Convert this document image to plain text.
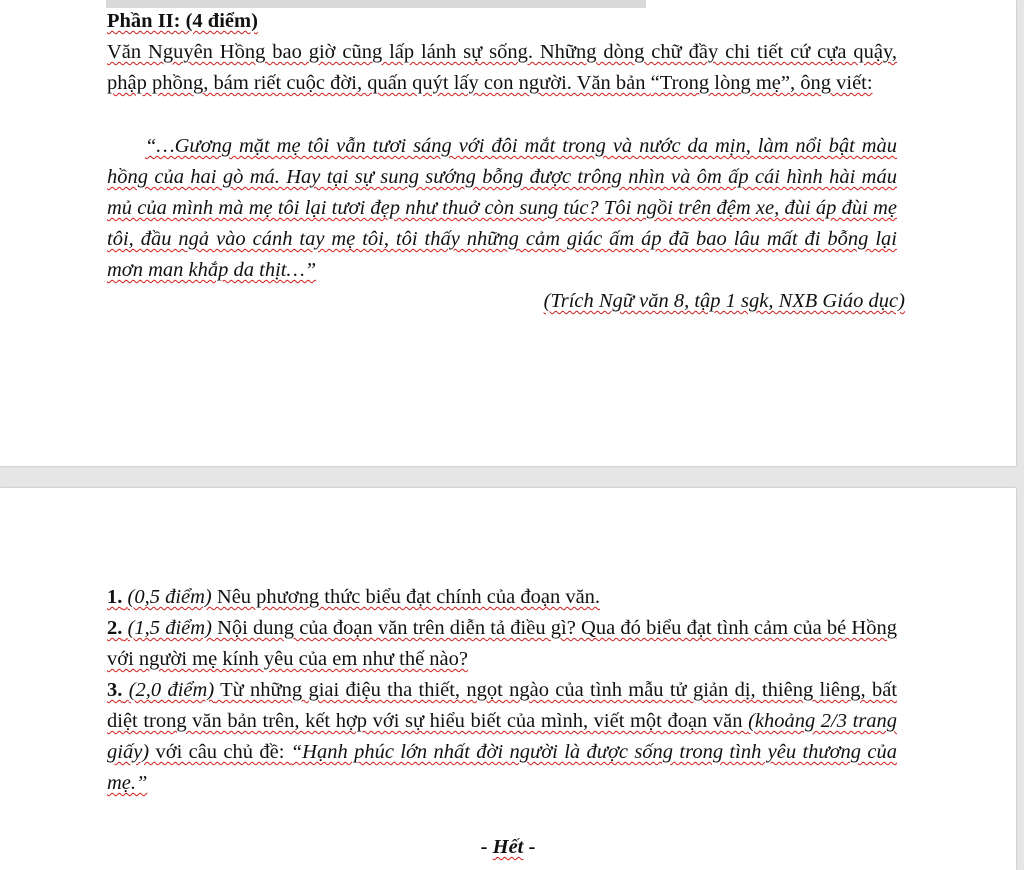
Phần II: (4 điểm)

Văn Nguyên Hồng bao giờ cũng lấp lánh sự sống. Những dòng chữ đầy chi tiết cứ cựa quậy, phập phồng, bám riết cuộc đời, quấn quýt lấy con người. Văn bản “Trong lòng mẹ”, ông viết:

“…Gương mặt mẹ tôi vẫn tươi sáng với đôi mắt trong và nước da mịn, làm nổi bật màu hồng của hai gò má. Hay tại sự sung sướng bỗng được trông nhìn và ôm ấp cái hình hài máu mủ của mình mà mẹ tôi lại tươi đẹp như thuở còn sung túc? Tôi ngồi trên đệm xe, đùi áp đùi mẹ tôi, đầu ngả vào cánh tay mẹ tôi, tôi thấy những cảm giác ấm áp đã bao lâu mất đi bỗng lại mơn man khắp da thịt…”

(Trích Ngữ văn 8, tập 1 sgk, NXB Giáo dục)

1. (0,5 điểm) Nêu phương thức biểu đạt chính của đoạn văn.

2. (1,5 điểm) Nội dung của đoạn văn trên diễn tả điều gì? Qua đó biểu đạt tình cảm của bé Hồng với người mẹ kính yêu của em như thế nào?

3. (2,0 điểm) Từ những giai điệu tha thiết, ngọt ngào của tình mẫu tử giản dị, thiêng liêng, bất diệt trong văn bản trên, kết hợp với sự hiểu biết của mình, viết một đoạn văn (khoảng 2/3 trang giấy) với câu chủ đề: “Hạnh phúc lớn nhất đời người là được sống trong tình yêu thương của mẹ.”

- Hết -
